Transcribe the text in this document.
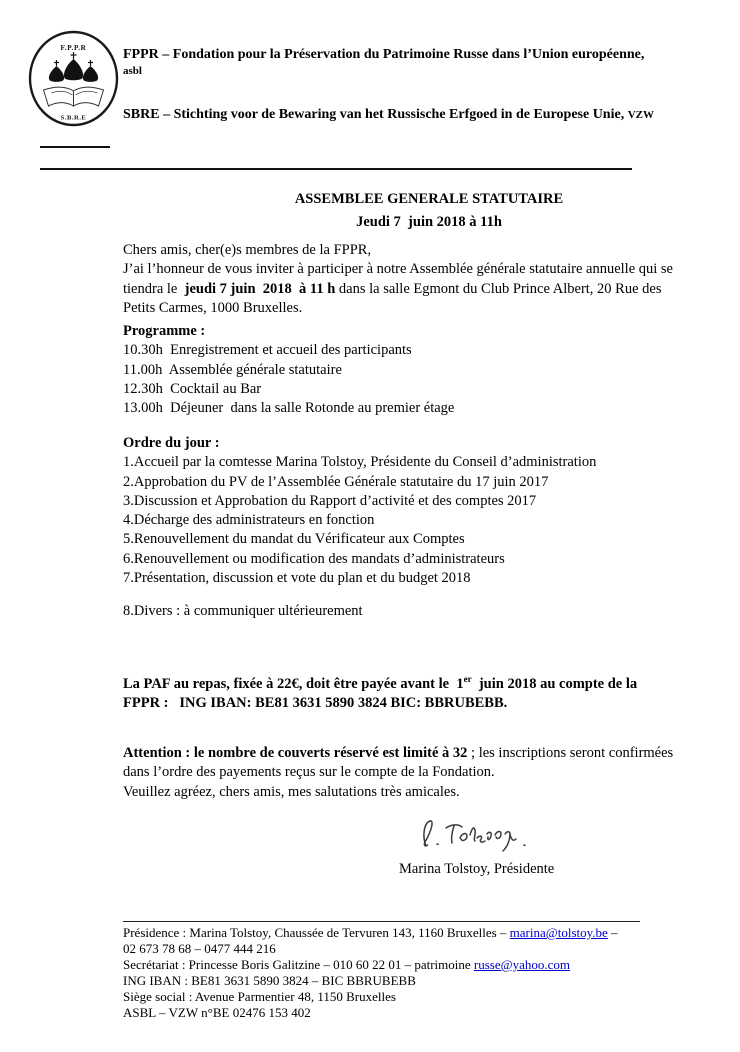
F.P.P.R
S.B.R.E
FPPR – Fondation pour la Préservation du Patrimoine Russe dans l’Union européenne,
asbl
SBRE – Stichting voor de Bewaring van het Russische Erfgoed in de Europese Unie, VZW
ASSEMBLEE GENERALE STATUTAIRE
Jeudi 7  juin 2018 à 11h
Chers amis, cher(e)s membres de la FPPR,
J’ai l’honneur de vous inviter à participer à notre Assemblée générale statutaire annuelle qui se
tiendra le  jeudi 7 juin  2018  à 11 h dans la salle Egmont du Club Prince Albert, 20 Rue des
Petits Carmes, 1000 Bruxelles.
Programme :
10.30h  Enregistrement et accueil des participants
11.00h  Assemblée générale statutaire
12.30h  Cocktail au Bar
13.00h  Déjeuner  dans la salle Rotonde au premier étage
Ordre du jour :
1.Accueil par la comtesse Marina Tolstoy, Présidente du Conseil d’administration
2.Approbation du PV de l’Assemblée Générale statutaire du 17 juin 2017
3.Discussion et Approbation du Rapport d’activité et des comptes 2017
4.Décharge des administrateurs en fonction
5.Renouvellement du mandat du Vérificateur aux Comptes
6.Renouvellement ou modification des mandats d’administrateurs
7.Présentation, discussion et vote du plan et du budget 2018
8.Divers : à communiquer ultérieurement
La PAF au repas, fixée à 22€, doit être payée avant le  1er  juin 2018 au compte de la
FPPR :   ING IBAN: BE81 3631 5890 3824 BIC: BBRUBEBB.
Attention : le nombre de couverts réservé est limité à 32 ; les inscriptions seront confirmées
dans l’ordre des payements reçus sur le compte de la Fondation.
Veuillez agréez, chers amis, mes salutations très amicales.
Marina Tolstoy, Présidente
Présidence : Marina Tolstoy, Chaussée de Tervuren 143, 1160 Bruxelles – marina@tolstoy.be –
02 673 78 68 – 0477 444 216
Secrétariat : Princesse Boris Galitzine – 010 60 22 01 – patrimoine russe@yahoo.com
ING IBAN : BE81 3631 5890 3824 – BIC BBRUBEBB
Siège social : Avenue Parmentier 48, 1150 Bruxelles
ASBL – VZW n°BE 02476 153 402
